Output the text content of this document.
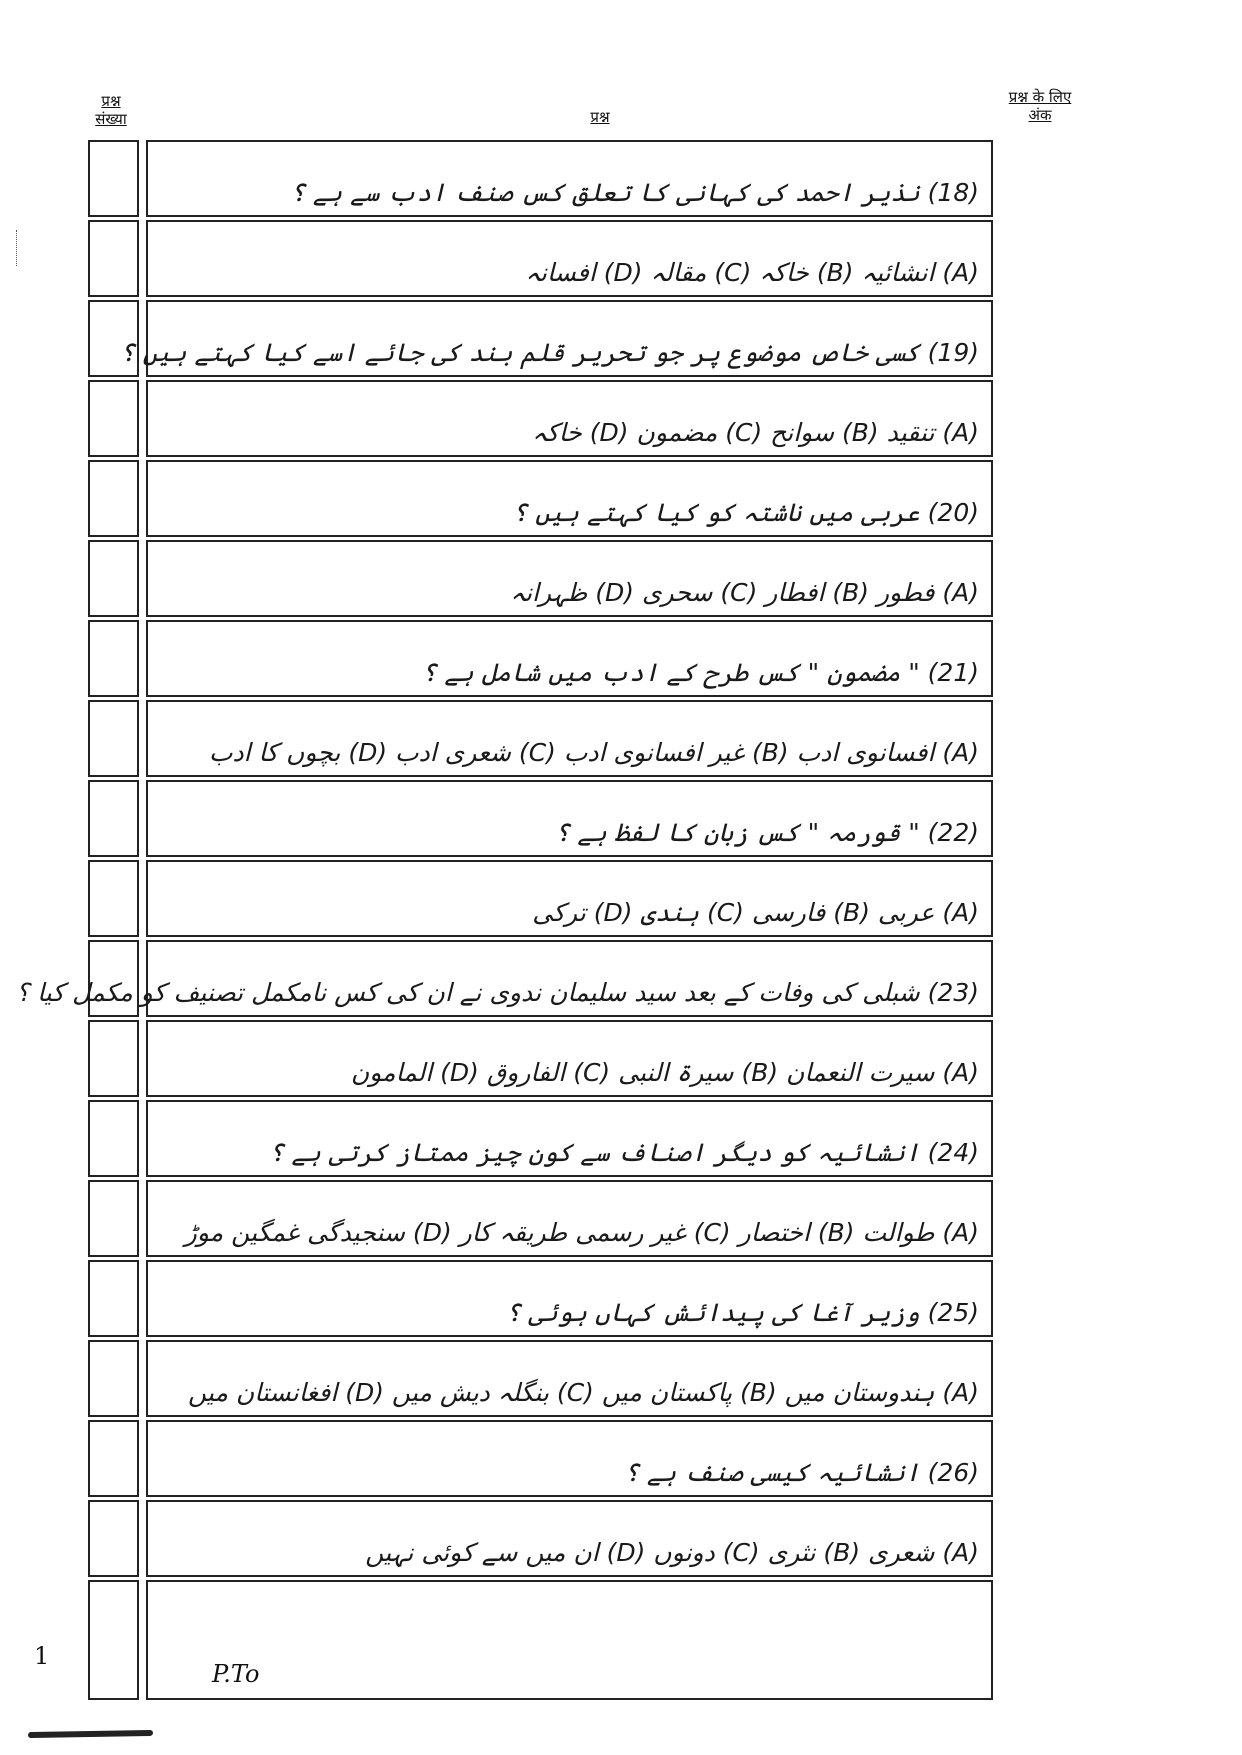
प्रश्न संख्या	प्रश्न
प्रश्न के लिए अंक
(18) نذیر احمد کی کہانی کا تعلق کس صنف ادب سے ہے ؟
(A) انشائیہ (B) خاکہ (C) مقالہ (D) افسانہ
(19) کسی خاص موضوع پر جو تحریر قلم بند کی جائے اسے کیا کہتے ہیں ؟
(A) تنقید (B) سوانح (C) مضمون (D) خاکہ
(20) عربی میں ناشتہ کو کیا کہتے ہیں ؟
(A) فطور (B) افطار (C) سحری (D) ظہرانہ
(21) " مضمون " کس طرح کے ادب میں شامل ہے ؟
(A) افسانوی ادب (B) غیر افسانوی ادب (C) شعری ادب (D) بچوں کا ادب
(22) " قورمہ " کس زبان کا لفظ ہے ؟
(A) عربی (B) فارسی (C) ہندی (D) ترکی
(23) شبلی کی وفات کے بعد سید سلیمان ندوی نے ان کی کس نامکمل تصنیف کو مکمل کیا ؟
(A) سیرت النعمان (B) سیرۃ النبی (C) الفاروق (D) المامون
(24) انشائیہ کو دیگر اصناف سے کون چیز ممتاز کرتی ہے ؟
(A) طوالت (B) اختصار (C) غیر رسمی طریقہ کار (D) سنجیدگی غمگین موڑ
(25) وزیر آغا کی پیدائش کہاں ہوئی ؟
(A) ہندوستان میں (B) پاکستان میں (C) بنگلہ دیش میں (D) افغانستان میں
(26) انشائیہ کیسی صنف ہے ؟
(A) شعری (B) نثری (C) دونوں (D) ان میں سے کوئی نہیں
1
P.To
